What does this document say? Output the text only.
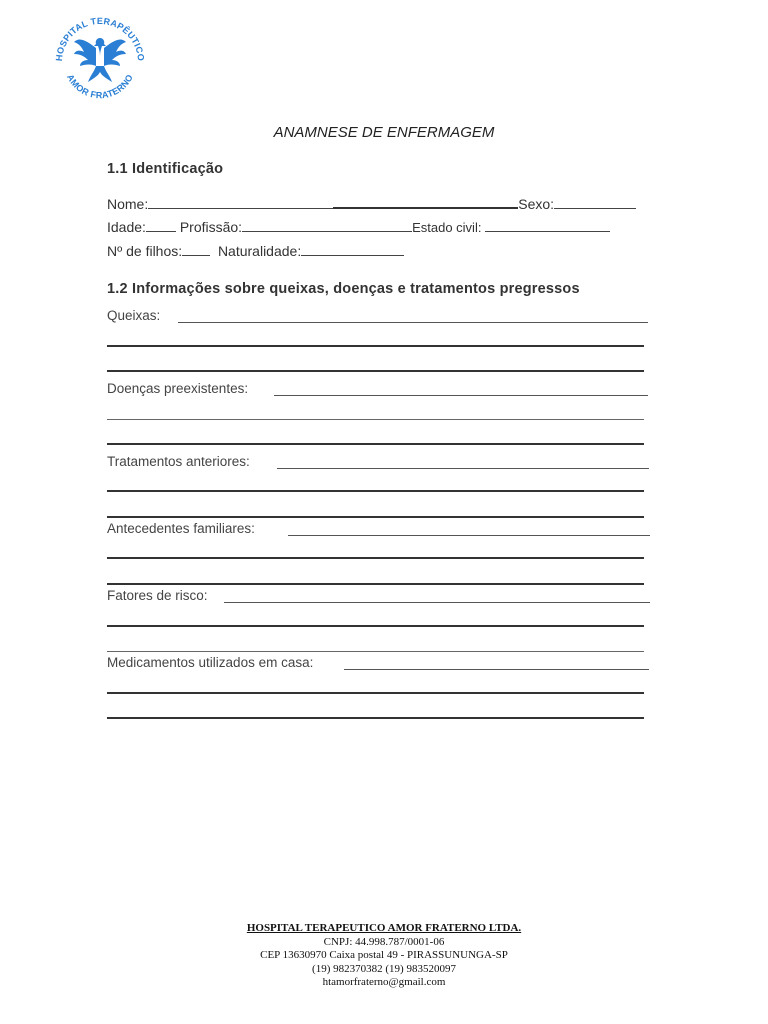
HOSPITAL TERAPÊUTICO
AMOR FRATERNO
ANAMNESE DE ENFERMAGEM
1.1 Identificação
Nome:	Sexo:
Idade: Profissão:	Estado civil:
Nº de filhos:	Naturalidade:
1.2 Informações sobre queixas, doenças e tratamentos pregressos
Queixas:
Doenças preexistentes:
Tratamentos anteriores:
Antecedentes familiares:
Fatores de risco:
Medicamentos utilizados em casa:
HOSPITAL TERAPEUTICO AMOR FRATERNO LTDA.
CNPJ: 44.998.787/0001-06
CEP 13630970 Caixa postal 49 - PIRASSUNUNGA-SP
(19) 982370382 (19) 983520097
htamorfraterno@gmail.com
